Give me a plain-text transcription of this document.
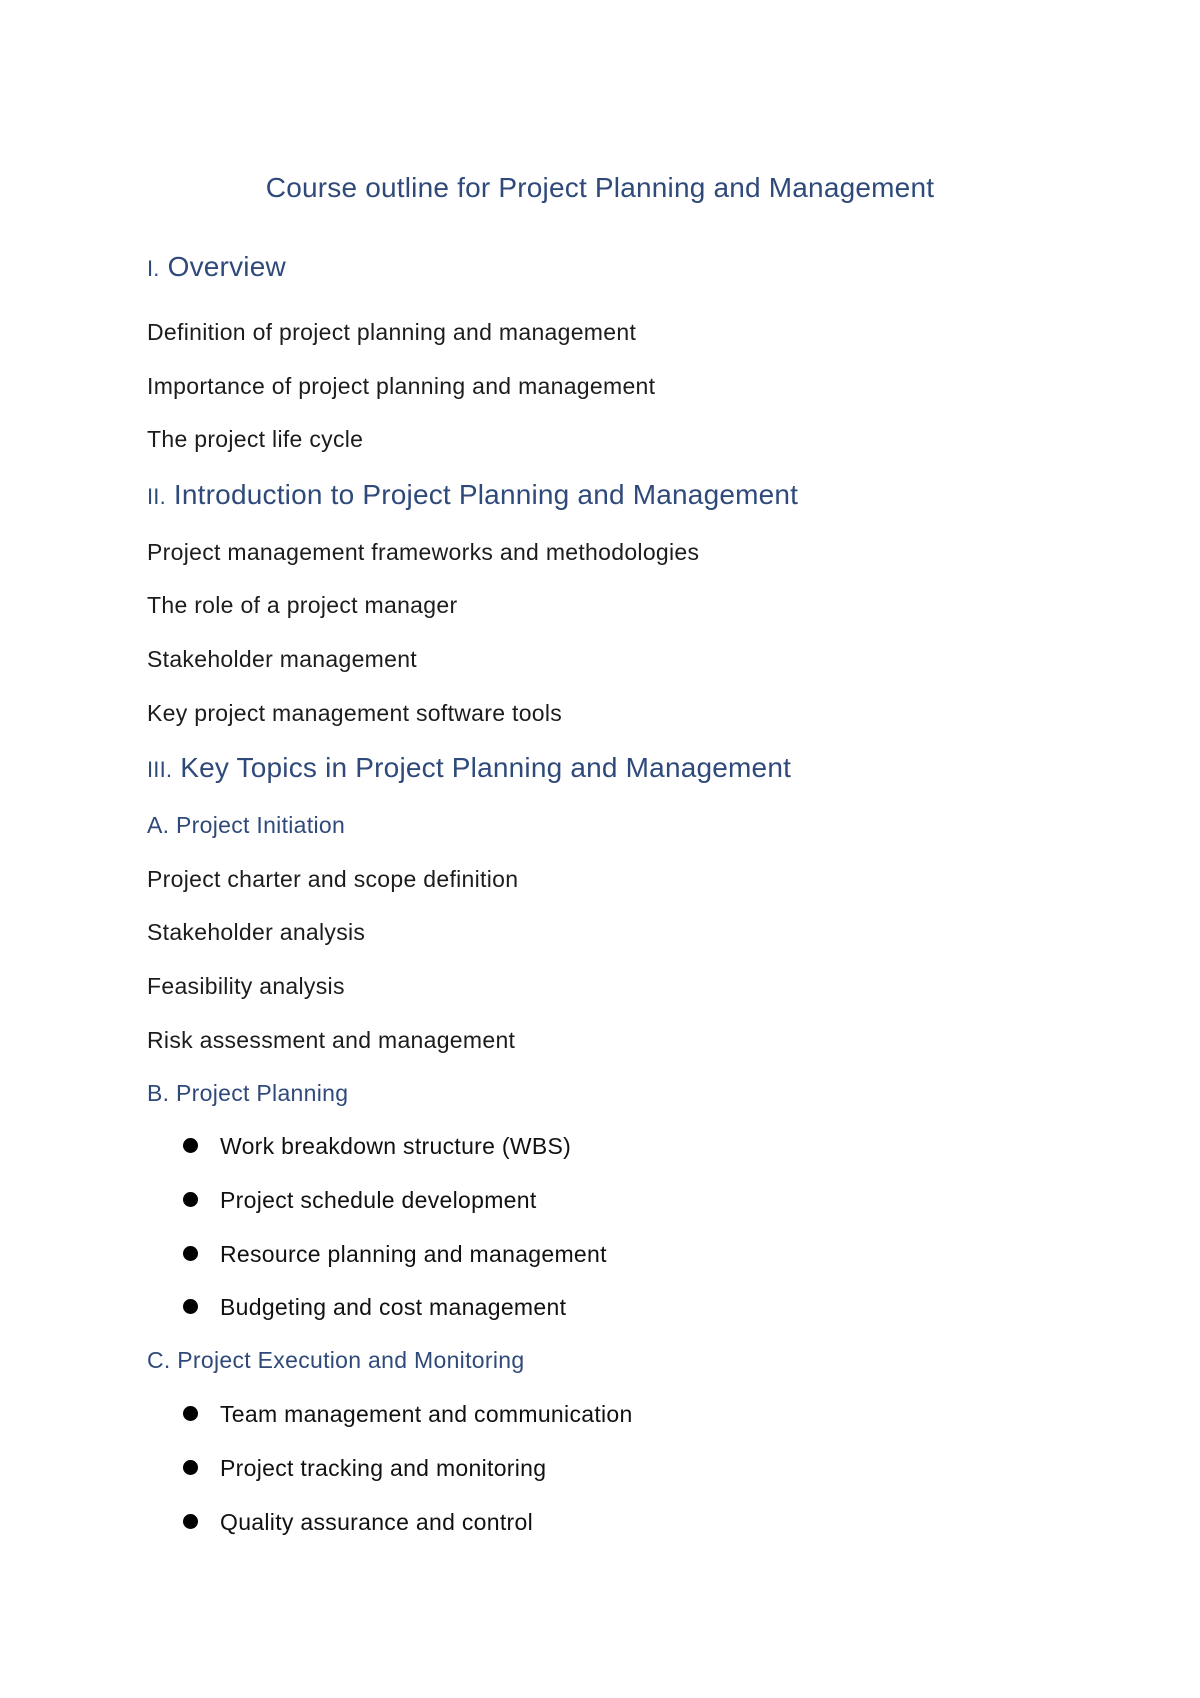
Course outline for Project Planning and Management
I. Overview
Definition of project planning and management
Importance of project planning and management
The project life cycle
II. Introduction to Project Planning and Management
Project management frameworks and methodologies
The role of a project manager
Stakeholder management
Key project management software tools
III. Key Topics in Project Planning and Management
A. Project Initiation
Project charter and scope definition
Stakeholder analysis
Feasibility analysis
Risk assessment and management
B. Project Planning
Work breakdown structure (WBS)
Project schedule development
Resource planning and management
Budgeting and cost management
C. Project Execution and Monitoring
Team management and communication
Project tracking and monitoring
Quality assurance and control
